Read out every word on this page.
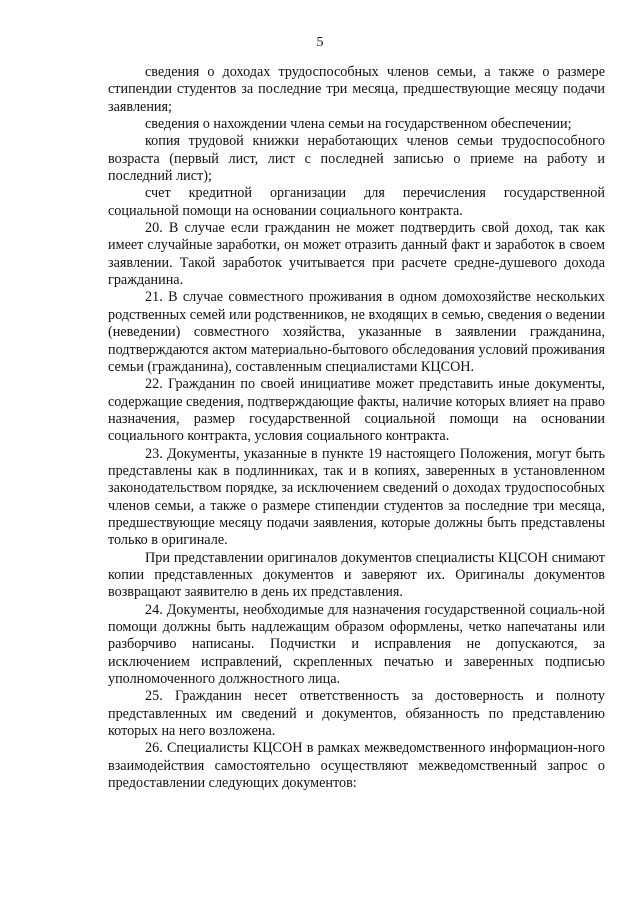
5

сведения о доходах трудоспособных членов семьи, а также о размере стипендии студентов за последние три месяца, предшествующие месяцу подачи заявления;

сведения о нахождении члена семьи на государственном обеспечении;

копия трудовой книжки неработающих членов семьи трудоспособного возраста (первый лист, лист с последней записью о приеме на работу и последний лист);

счет кредитной организации для перечисления государственной социальной помощи на основании социального контракта.

20. В случае если гражданин не может подтвердить свой доход, так как имеет случайные заработки, он может отразить данный факт и заработок в своем заявлении. Такой заработок учитывается при расчете средне-душевого дохода гражданина.

21. В случае совместного проживания в одном домохозяйстве нескольких родственных семей или родственников, не входящих в семью, сведения о ведении (неведении) совместного хозяйства, указанные в заявлении гражданина, подтверждаются актом материально-бытового обследования условий проживания семьи (гражданина), составленным специалистами КЦСОН.

22. Гражданин по своей инициативе может представить иные документы, содержащие сведения, подтверждающие факты, наличие которых влияет на право назначения, размер государственной социальной помощи на основании социального контракта, условия социального контракта.

23. Документы, указанные в пункте 19 настоящего Положения, могут быть представлены как в подлинниках, так и в копиях, заверенных в установленном законодательством порядке, за исключением сведений о доходах трудоспособных членов семьи, а также о размере стипендии студентов за последние три месяца, предшествующие месяцу подачи заявления, которые должны быть представлены только в оригинале.

При представлении оригиналов документов специалисты КЦСОН снимают копии представленных документов и заверяют их. Оригиналы документов возвращают заявителю в день их представления.

24. Документы, необходимые для назначения государственной социаль-ной помощи должны быть надлежащим образом оформлены, четко напечатаны или разборчиво написаны. Подчистки и исправления не допускаются, за исключением исправлений, скрепленных печатью и заверенных подписью уполномоченного должностного лица.

25. Гражданин несет ответственность за достоверность и полноту представленных им сведений и документов, обязанность по представлению которых на него возложена.

26. Специалисты КЦСОН в рамках межведомственного информацион-ного взаимодействия самостоятельно осуществляют межведомственный запрос о предоставлении следующих документов:
